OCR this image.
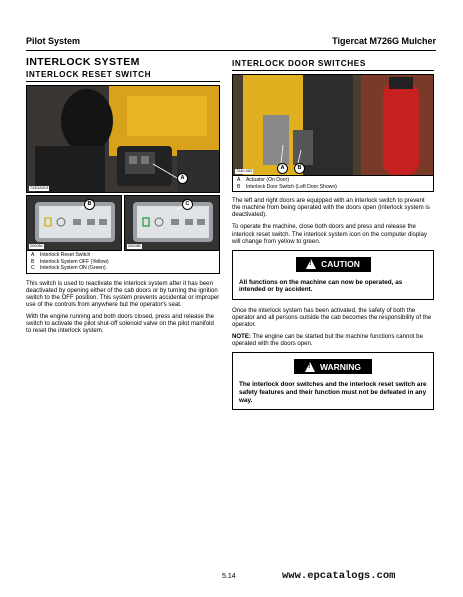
Pilot System	Tigercat M726G Mulcher
INTERLOCK SYSTEM
INTERLOCK RESET SWITCH
A
724GA019
B
200084
C
200085
A Interlock Reset Switch
B Interlock System OFF (Yellow)
C Interlock System ON (Green)

This switch is used to reactivate the interlock system after it has been deactivated by opening either of the cab doors or by turning the ignition switch to the OFF position. This system prevents accidental or improper use of the controls from anywhere but the operator's seat.

With the engine running and both doors closed, press and release the switch to activate the pilot shut-off solenoid valve on the pilot manifold to reset the interlock system.

INTERLOCK DOOR SWITCHES
A	B
7240-063
A Actuator (On Door)
B Interlock Door Switch (Left Door Shown)

The left and right doors are equipped with an interlock switch to prevent the machine from being operated with the doors open (interlock system is deactivated).

To operate the machine, close both doors and press and release the interlock reset switch. The interlock system icon on the computer display will change from yellow to green.

!
CAUTION
All functions on the machine can now be operated, as intended or by accident.

Once the interlock system has been activated, the safety of both the operator and all persons outside the cab becomes the responsibility of the operator.

NOTE: The engine can be started but the machine functions cannot be operated with the doors open.

!
WARNING
The interlock door switches and the interlock reset switch are safety features and their function must not be defeated in any way.
5.14	www.epcatalogs.com
